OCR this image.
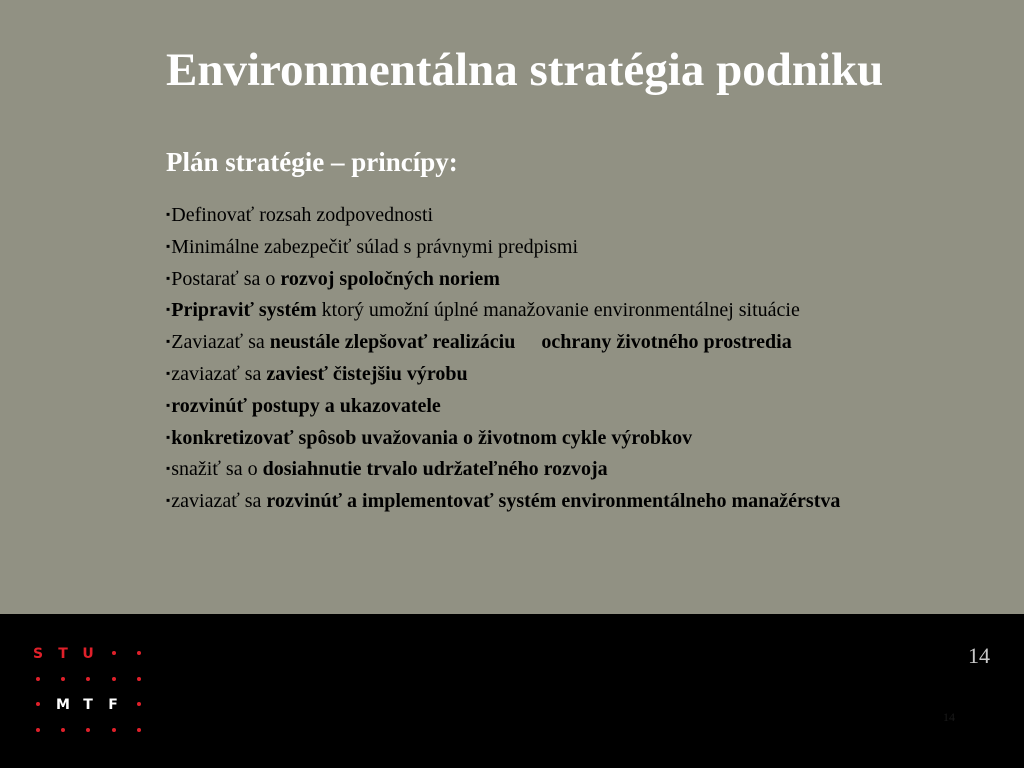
Environmentálna stratégia podniku
Plán stratégie – princípy:

▪Definovať rozsah zodpovednosti

▪Minimálne zabezpečiť súlad s právnymi predpismi

▪Postarať sa o rozvoj spoločných noriem

▪Pripraviť systém ktorý umožní úplné manažovanie environmentálnej situácie

▪Zaviazať sa neustále zlepšovať realizáciu ochrany životného prostredia

▪zaviazať sa zaviesť čistejšiu výrobu

▪rozvinúť postupy a ukazovatele

▪konkretizovať spôsob uvažovania o životnom cykle výrobkov

▪snažiť sa o dosiahnutie trvalo udržateľného rozvoja

▪zaviazať sa rozvinúť a implementovať systém environmentálneho manažérstva

S T U
M T F
14
14
